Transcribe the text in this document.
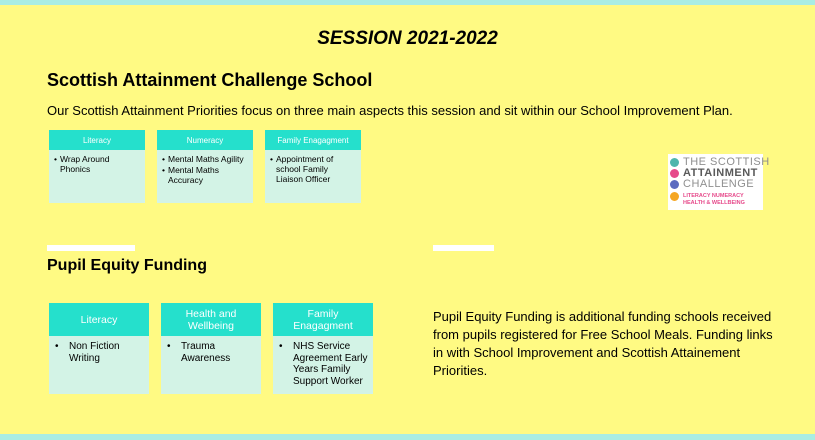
SESSION 2021-2022
Scottish Attainment Challenge School
Our Scottish Attainment Priorities focus on three main aspects this session and sit within our School Improvement Plan.
Literacy
• Wrap Around Phonics
Numeracy
• Mental Maths Agility
• Mental Maths Accuracy
Family Enagagment
• Appointment of school Family Liaison Officer
THE SCOTTISH
ATTAINMENT
CHALLENGE
LITERACY NUMERACY
HEALTH & WELLBEING
Pupil Equity Funding
Literacy
• Non Fiction Writing
Health and Wellbeing
• Trauma Awareness
Family Enagagment
• NHS Service Agreement Early Years Family Support Worker
Pupil Equity Funding is additional funding schools received from pupils registered for Free School Meals. Funding links in with School Improvement and Scottish Attainement Priorities.
